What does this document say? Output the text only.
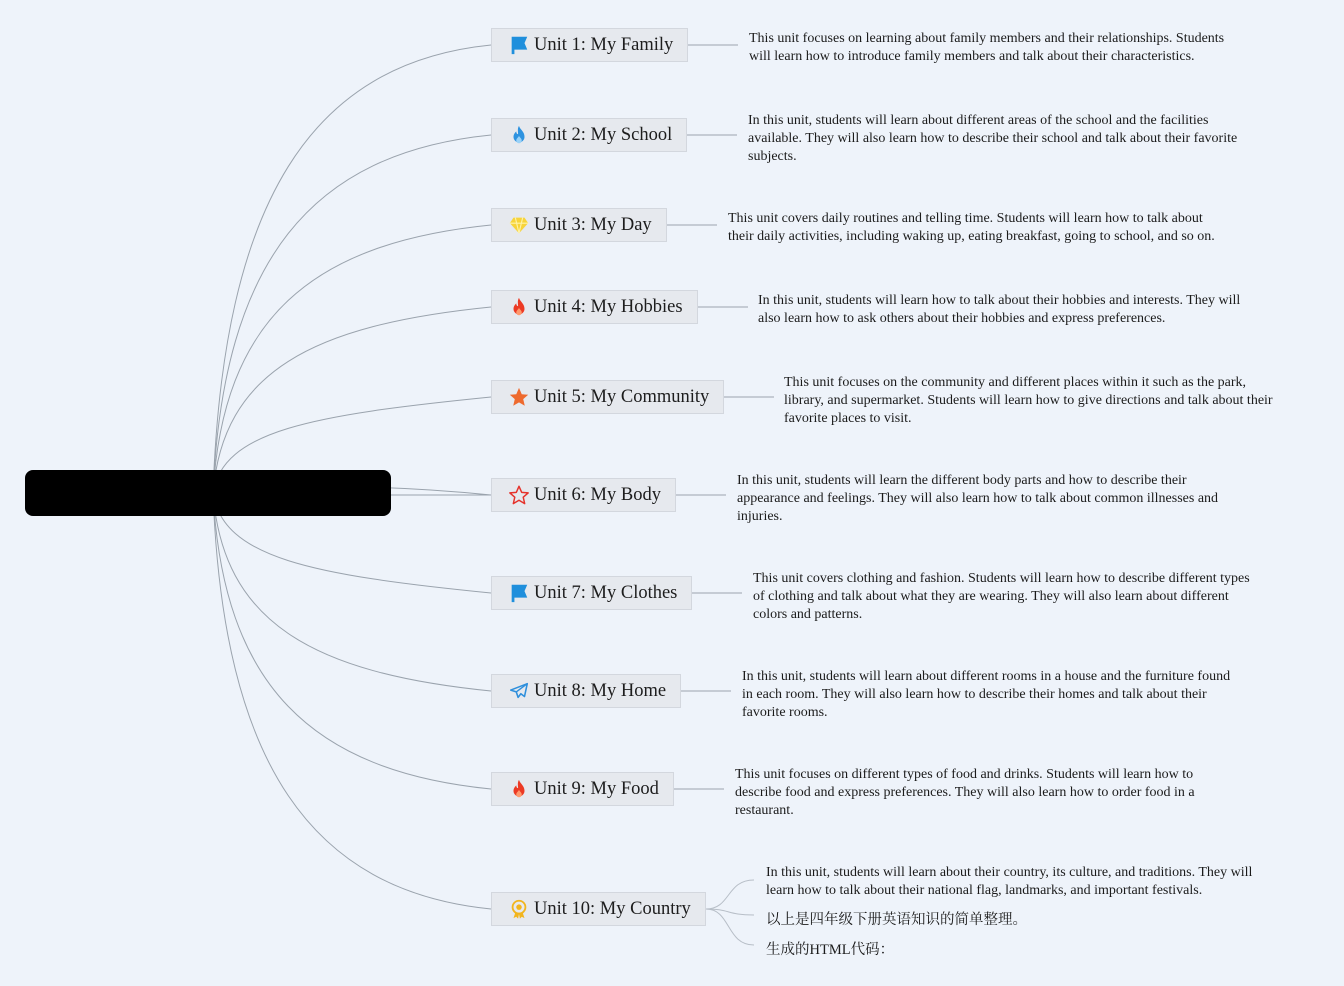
Unit 1: My Family	This unit focuses on learning about family members and their relationships. Students will learn how to introduce family members and talk about their characteristics.
Unit 2: My School
In this unit, students will learn about different areas of the school and the facilities available. They will also learn how to describe their school and talk about their favorite subjects.
Unit 3: My Day	This unit covers daily routines and telling time. Students will learn how to talk about their daily activities, including waking up, eating breakfast, going to school, and so on.
Unit 4: My Hobbies	In this unit, students will learn how to talk about their hobbies and interests. They will also learn how to ask others about their hobbies and express preferences.
Unit 5: My Community
This unit focuses on the community and different places within it such as the park, library, and supermarket. Students will learn how to give directions and talk about their favorite places to visit.
Unit 6: My Body
In this unit, students will learn the different body parts and how to describe their appearance and feelings. They will also learn how to talk about common illnesses and injuries.
Unit 7: My Clothes
This unit covers clothing and fashion. Students will learn how to describe different types of clothing and talk about what they are wearing. They will also learn about different colors and patterns.
Unit 8: My Home
In this unit, students will learn about different rooms in a house and the furniture found in each room. They will also learn how to describe their homes and talk about their favorite rooms.
Unit 9: My Food
This unit focuses on different types of food and drinks. Students will learn how to describe food and express preferences. They will also learn how to order food in a restaurant.
Unit 10: My Country
In this unit, students will learn about their country, its culture, and traditions. They will learn how to talk about their national flag, landmarks, and important festivals.
以上是四年级下册英语知识的简单整理。
生成的HTML代码：
